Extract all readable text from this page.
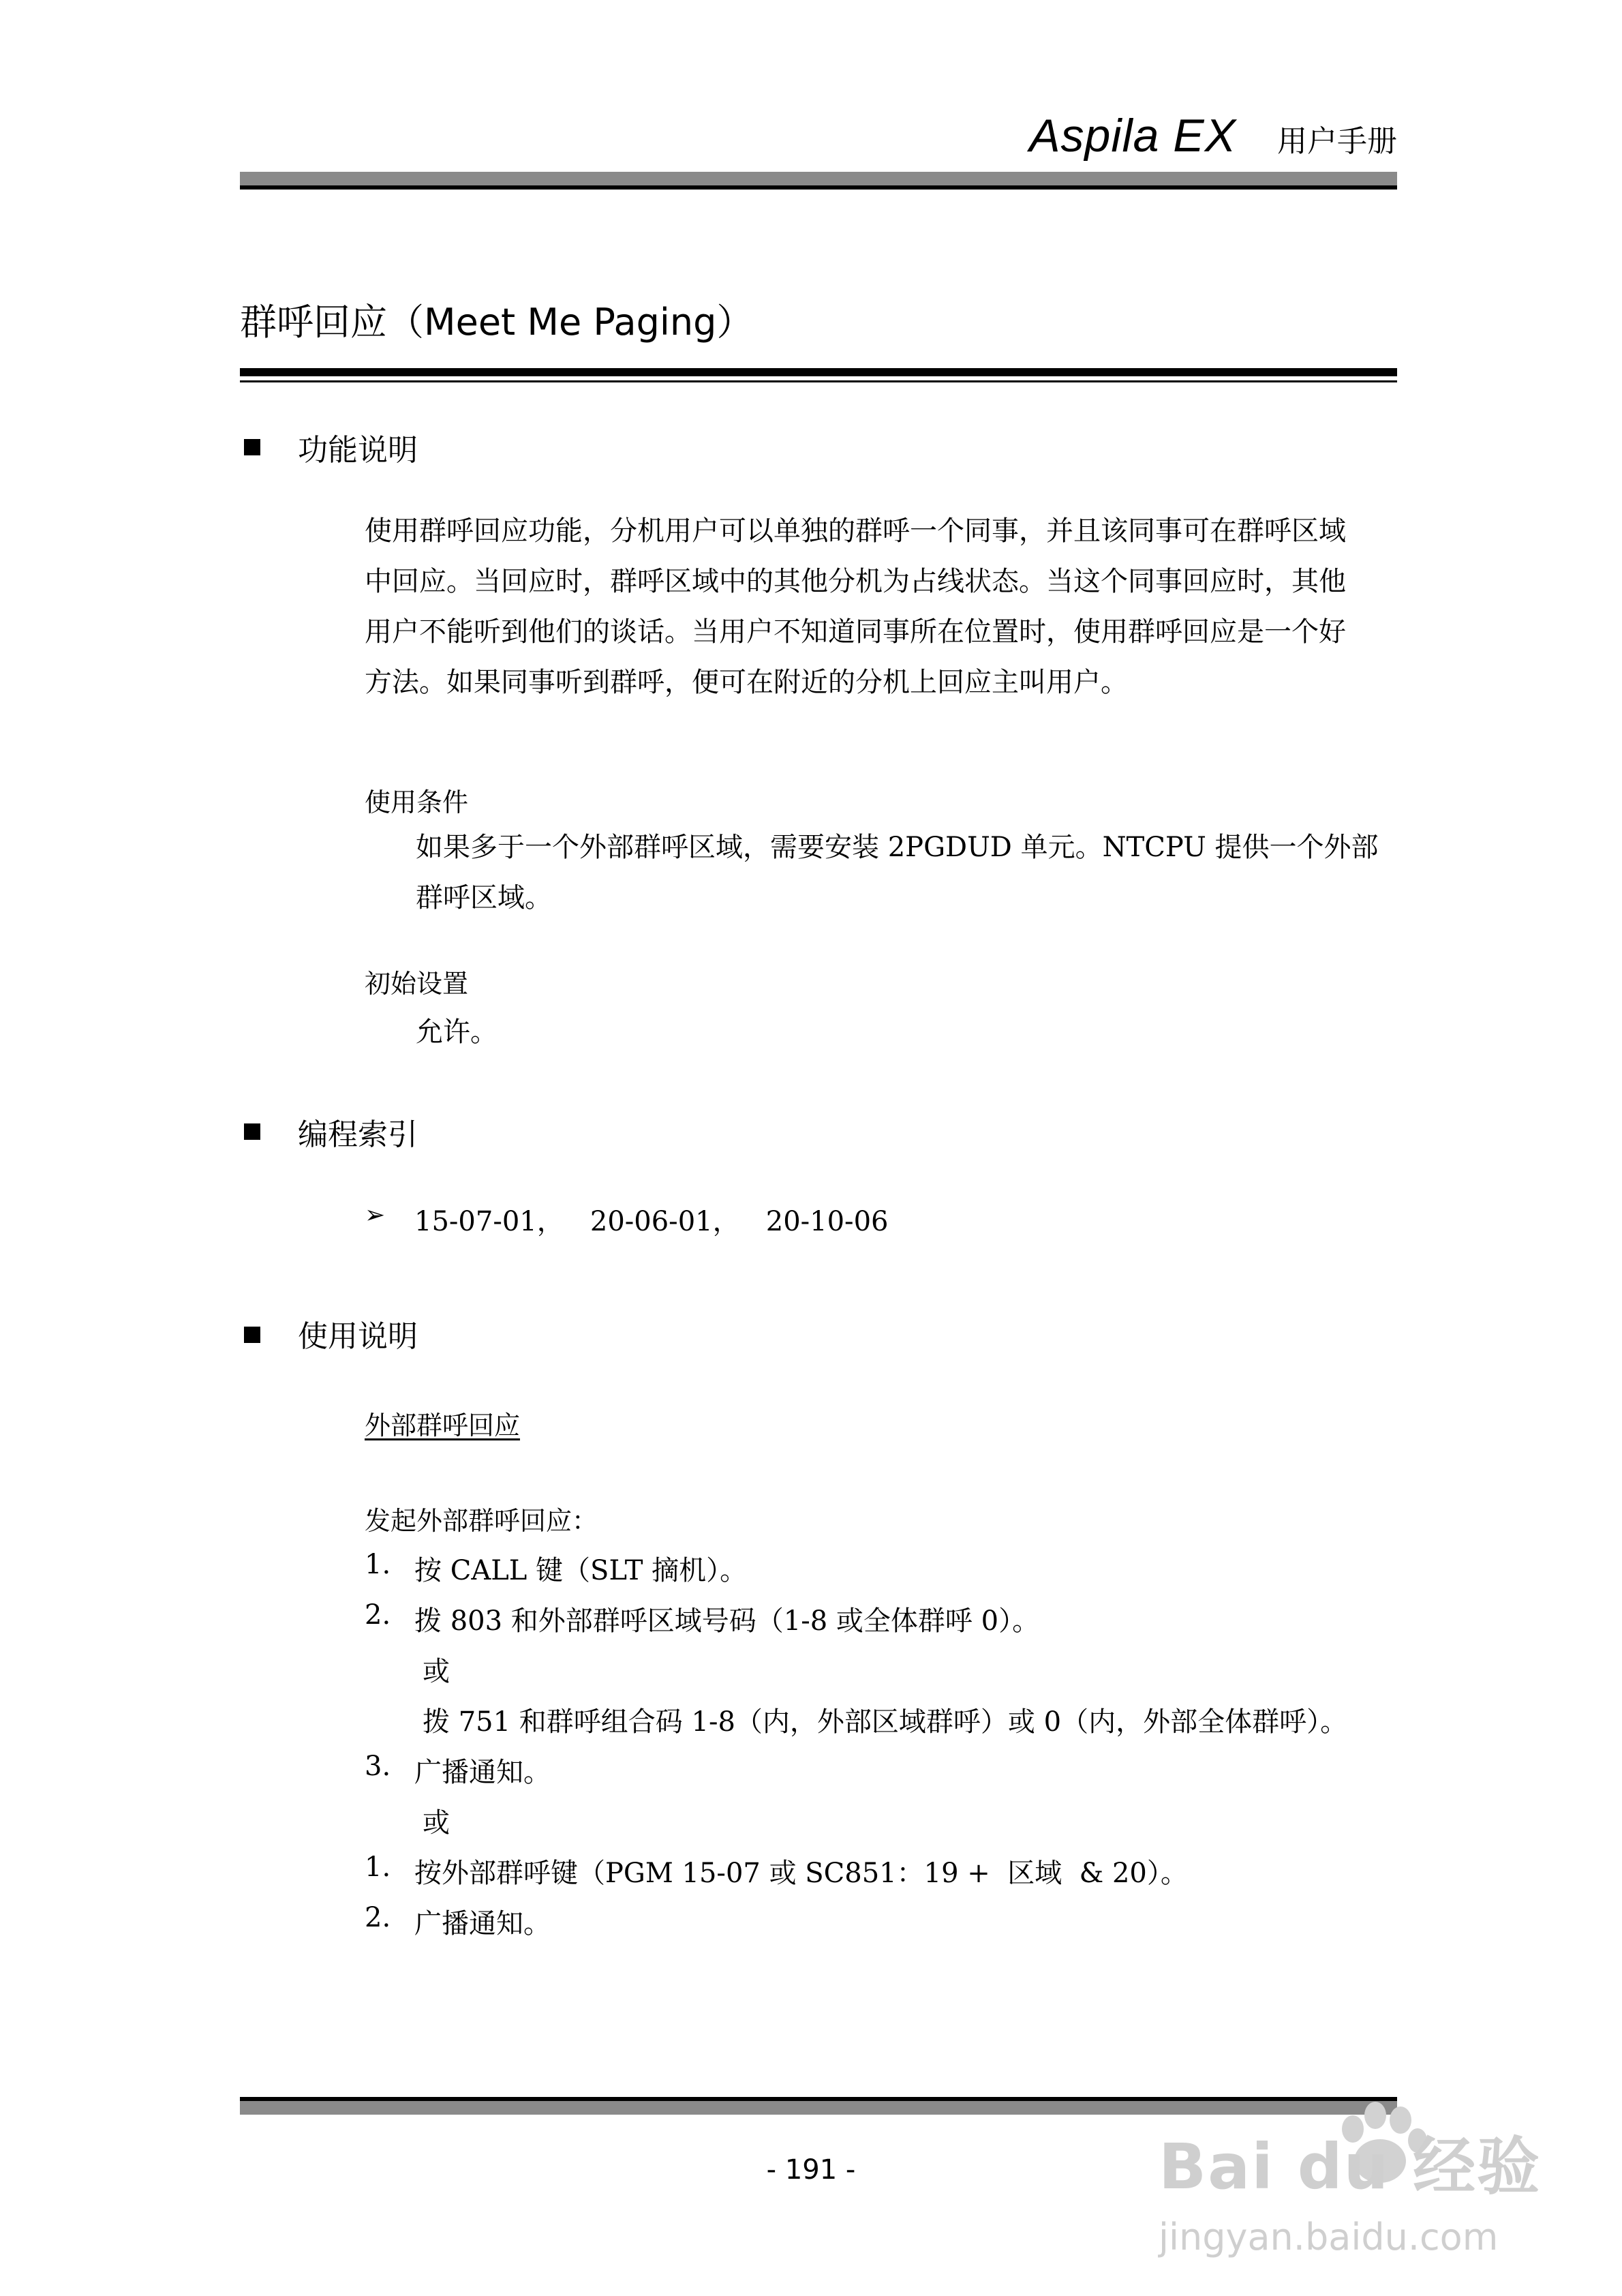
Aspila EX 用户手册
群呼回应（Meet Me Paging）
功能说明
使用群呼回应功能，分机用户可以单独的群呼一个同事，并且该同事可在群呼区域
中回应。当回应时，群呼区域中的其他分机为占线状态。当这个同事回应时，其他
用户不能听到他们的谈话。当用户不知道同事所在位置时，使用群呼回应是一个好
方法。如果同事听到群呼，便可在附近的分机上回应主叫用户。
使用条件
如果多于一个外部群呼区域，需要安装 2PGDUD 单元。NTCPU 提供一个外部
群呼区域。
初始设置
允许。
编程索引
➢ 15-07-01，   20-06-01，   20-10-06
使用说明
外部群呼回应
发起外部群呼回应：
1. 按 CALL 键（SLT 摘机）。
2. 拨 803 和外部群呼区域号码（1-8 或全体群呼 0）。
或
拨 751 和群呼组合码 1-8（内，外部区域群呼）或 0（内，外部全体群呼）。
3. 广播通知。
或
1. 按外部群呼键（PGM 15-07 或 SC851：19 +  区域  & 20）。
2. 广播通知。
- 191 -	Bai du 经验
jingyan.baidu.com
